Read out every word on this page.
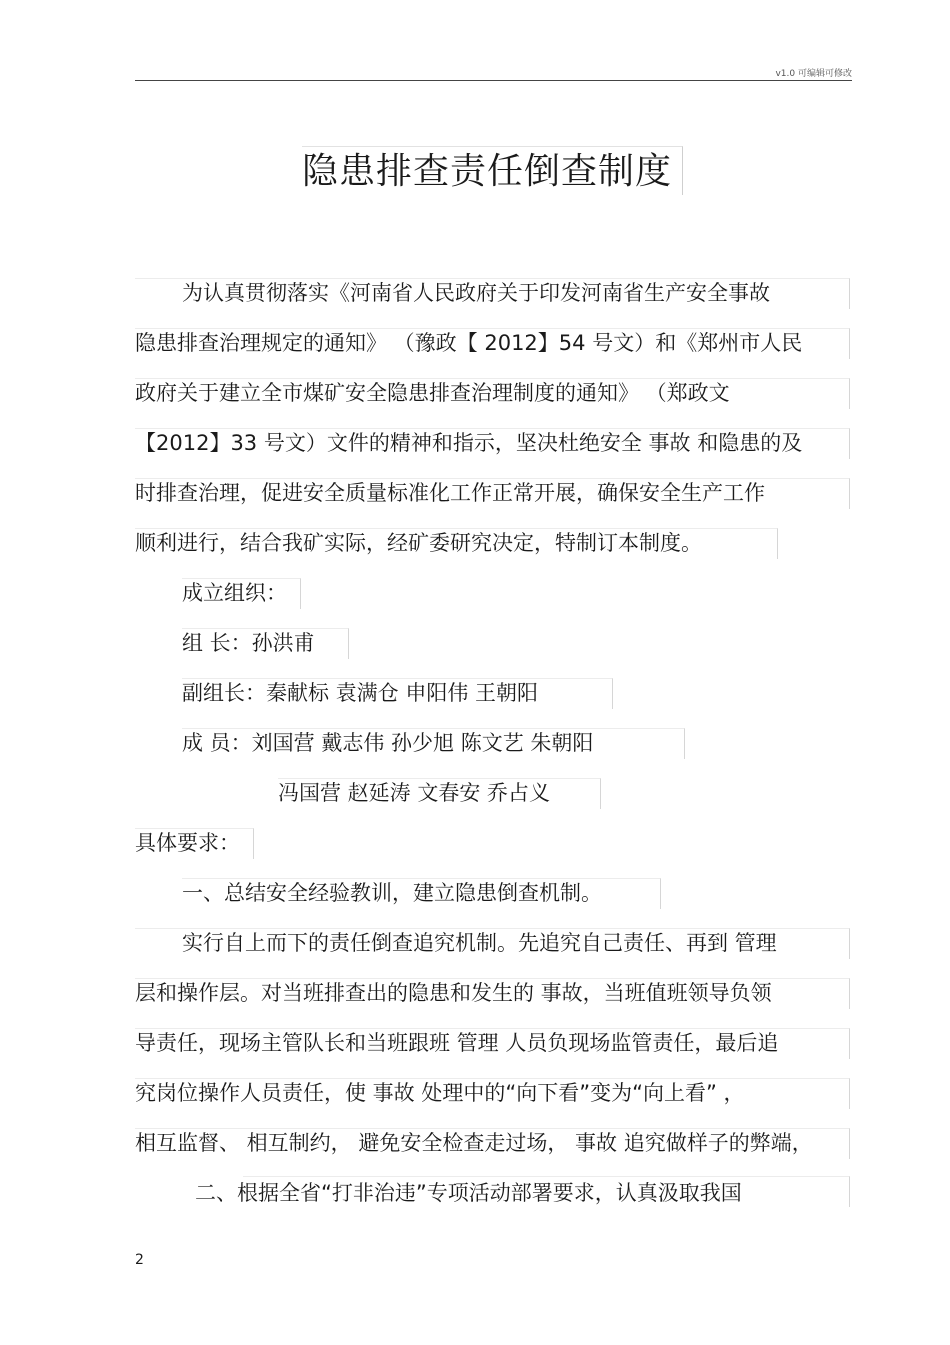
v1.0 可编辑可修改
隐患排查责任倒查制度
为认真贯彻落实《河南省人民政府关于印发河南省生产安全事故
隐患排查治理规定的通知》 （豫政【 2012】54 号文）和《郑州市人民
政府关于建立全市煤矿安全隐患排查治理制度的通知》 （郑政文
【2012】33 号文）文件的精神和指示，坚决杜绝安全 事故 和隐患的及
时排查治理，促进安全质量标准化工作正常开展，确保安全生产工作
顺利进行，结合我矿实际，经矿委研究决定，特制订本制度。
成立组织：
组 长：孙洪甫
副组长：秦献标 袁满仓 申阳伟 王朝阳
成 员：刘国营 戴志伟 孙少旭 陈文艺 朱朝阳
冯国营 赵延涛 文春安 乔占义
具体要求：
一、总结安全经验教训，建立隐患倒查机制。
实行自上而下的责任倒查追究机制。先追究自己责任、再到 管理
层和操作层。对当班排查出的隐患和发生的 事故，当班值班领导负领
导责任，现场主管队长和当班跟班 管理 人员负现场监管责任，最后追
究岗位操作人员责任，使 事故 处理中的“向下看”变为“向上看” ，
相互监督、 相互制约， 避免安全检查走过场， 事故 追究做样子的弊端，
二、根据全省“打非治违”专项活动部署要求，认真汲取我国
2
